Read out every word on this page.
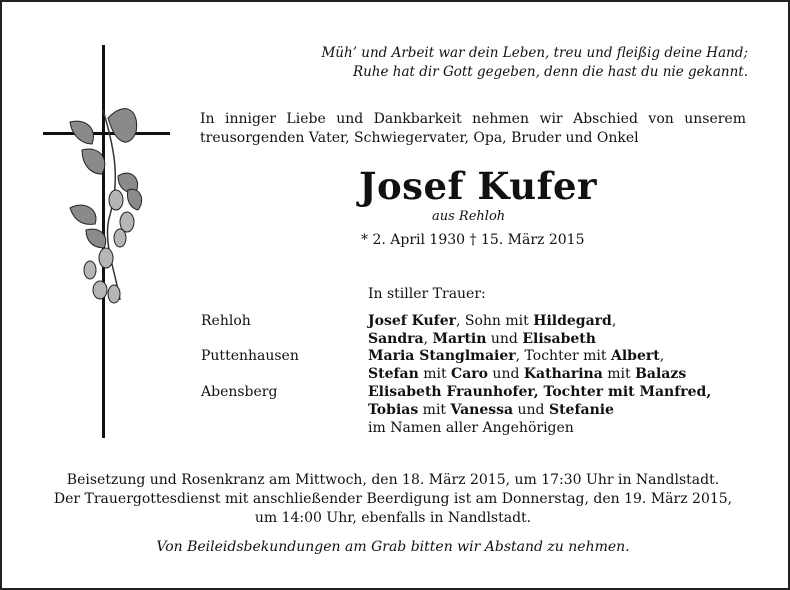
Müh’ und Arbeit war dein Leben, treu und fleißig deine Hand;
Ruhe hat dir Gott gegeben, denn die hast du nie gekannt.
In inniger Liebe und Dankbarkeit nehmen wir Abschied von unserem treusorgenden Vater, Schwiegervater, Opa, Bruder und Onkel
Josef Kufer
aus Rehloh
* 2. April 1930 † 15. März 2015
In stiller Trauer:
Rehloh
Puttenhausen
Abensberg
Josef Kufer, Sohn mit Hildegard,
Sandra, Martin und Elisabeth
Maria Stanglmaier, Tochter mit Albert,
Stefan mit Caro und Katharina mit Balazs
Elisabeth Fraunhofer, Tochter mit Manfred,
Tobias mit Vanessa und Stefanie
im Namen aller Angehörigen
Beisetzung und Rosenkranz am Mittwoch, den 18. März 2015, um 17:30 Uhr in Nandlstadt.
Der Trauergottesdienst mit anschließender Beerdigung ist am Donnerstag, den 19. März 2015,
um 14:00 Uhr, ebenfalls in Nandlstadt.
Von Beileidsbekundungen am Grab bitten wir Abstand zu nehmen.
